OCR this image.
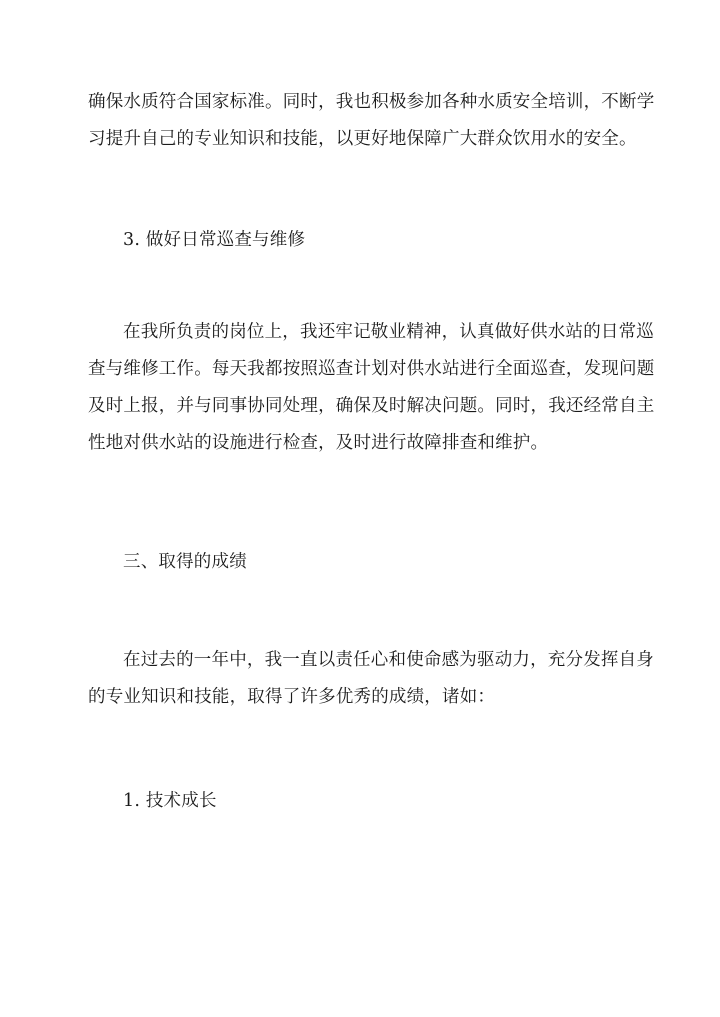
确保水质符合国家标准。同时，我也积极参加各种水质安全培训，不断学
习提升自己的专业知识和技能，以更好地保障广大群众饮用水的安全。
3. 做好日常巡查与维修
在我所负责的岗位上，我还牢记敬业精神，认真做好供水站的日常巡
查与维修工作。每天我都按照巡查计划对供水站进行全面巡查，发现问题
及时上报，并与同事协同处理，确保及时解决问题。同时，我还经常自主
性地对供水站的设施进行检查，及时进行故障排查和维护。
三、取得的成绩
在过去的一年中，我一直以责任心和使命感为驱动力，充分发挥自身
的专业知识和技能，取得了许多优秀的成绩，诸如：
1. 技术成长
